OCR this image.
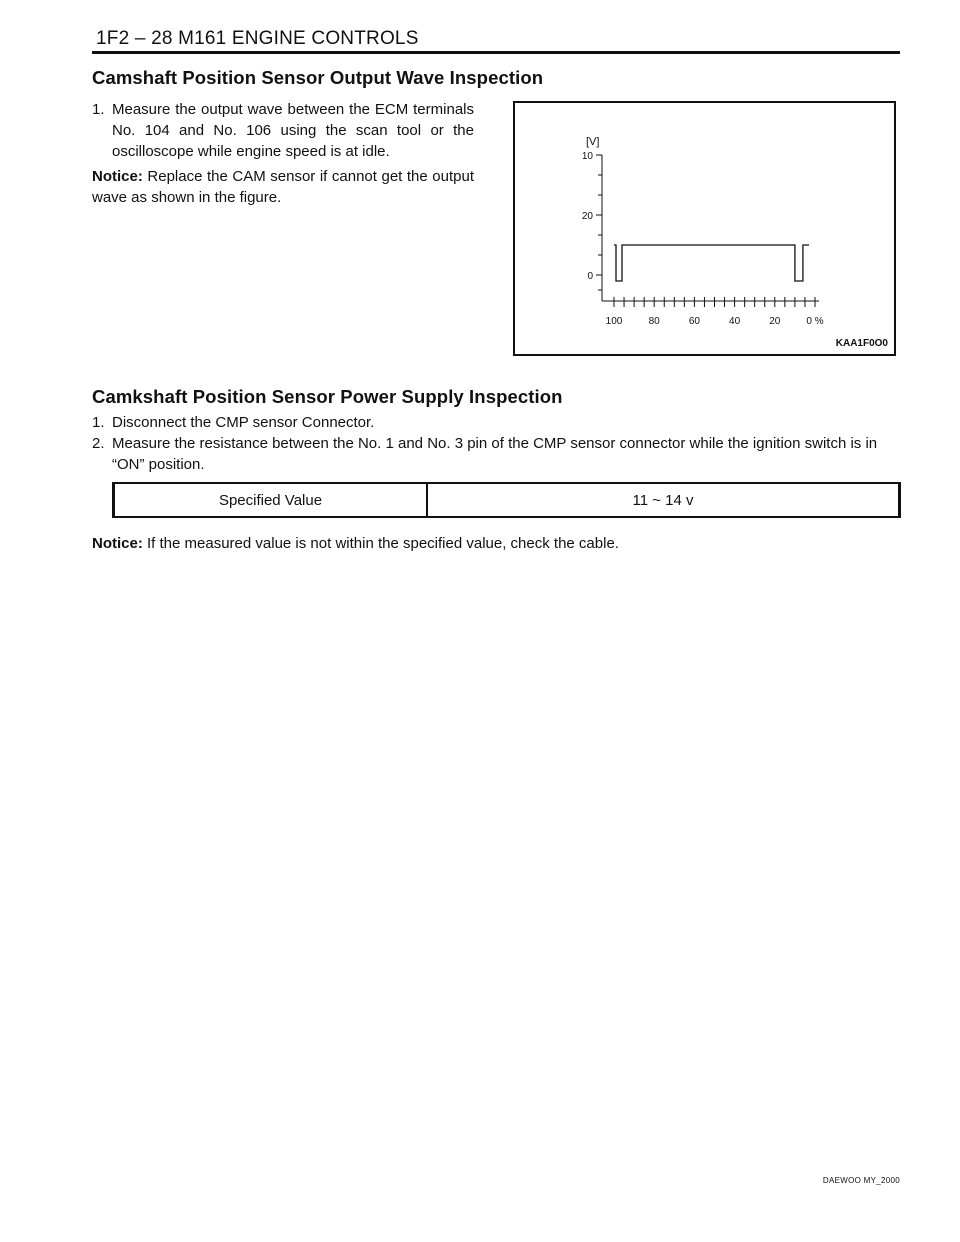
1F2 – 28 M161 ENGINE CONTROLS
Camshaft Position Sensor Output Wave Inspection
1. Measure the output wave between the ECM terminals No. 104 and No. 106 using the scan tool or the oscilloscope while engine speed is at idle.
Notice: Replace the CAM sensor if cannot get the output wave as shown in the figure.
[V]
10
20
0
100	80	60	40	20	0 %
KAA1F0O0
Camkshaft Position Sensor Power Supply Inspection
1. Disconnect the CMP sensor Connector.
2. Measure the resistance between the No. 1 and No. 3 pin of the CMP sensor connector while the ignition switch is in “ON” position.
Specified Value	11 ~ 14 v
Notice: If the measured value is not within the specified value, check the cable.
DAEWOO MY_2000
